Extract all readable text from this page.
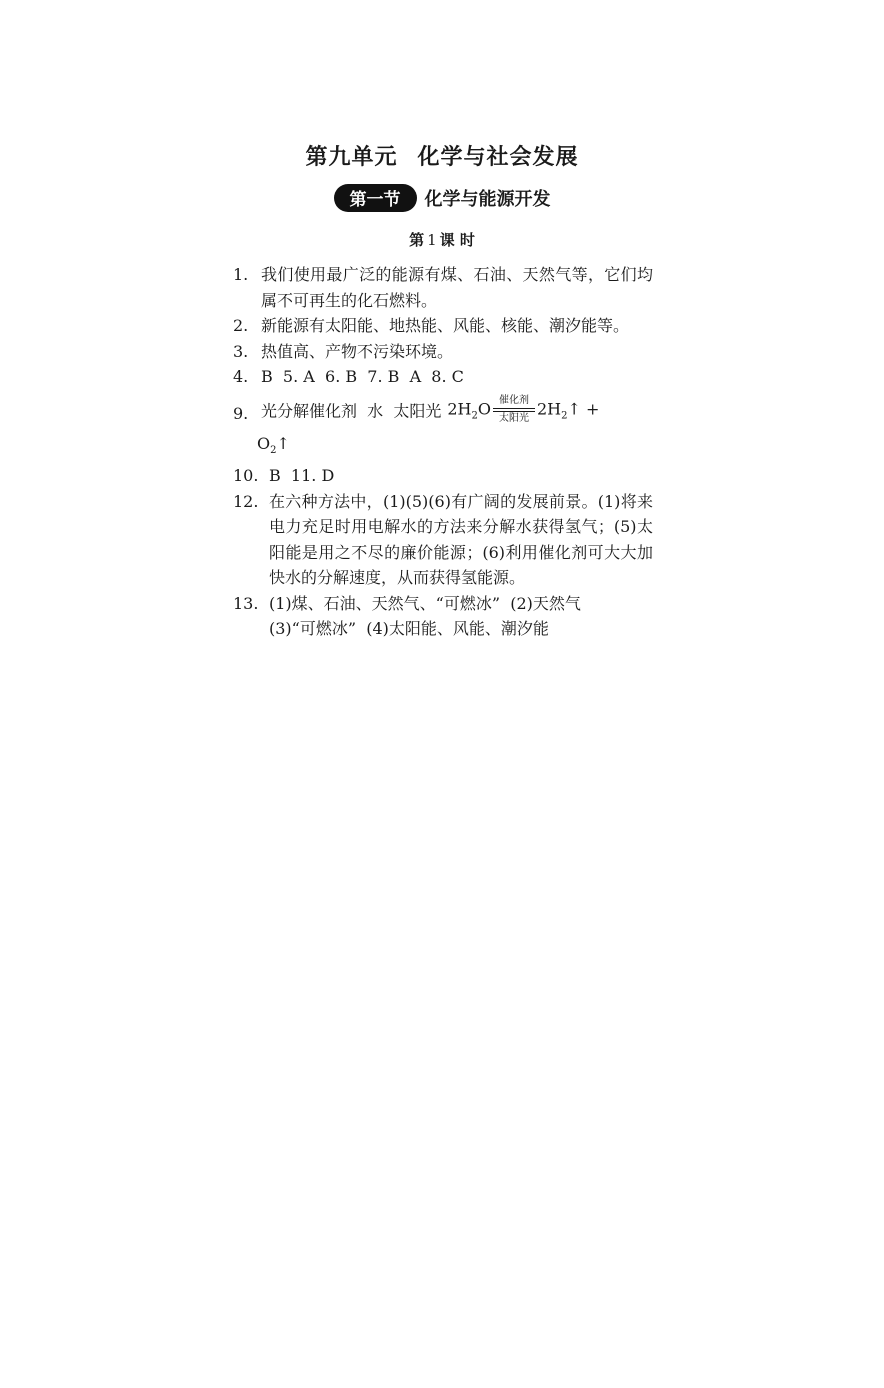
第九单元 化学与社会发展
第一节 化学与能源开发
第 1 课 时
1. 我们使用最广泛的能源有煤、石油、天然气等，它们均属不可再生的化石燃料。
2. 新能源有太阳能、地热能、风能、核能、潮汐能等。
3. 热值高、产物不污染环境。
4. B  5. A  6. B  7. B  A  8. C
9. 光分解催化剂  水  太阳光 $2H_2O$ 催化剂
太阳光 $2H_2↑$ +
$O_2↑$
10. B  11. D
12. 在六种方法中，(1)(5)(6)有广阔的发展前景。(1)将来电力充足时用电解水的方法来分解水获得氢气；(5)太阳能是用之不尽的廉价能源；(6)利用催化剂可大大加快水的分解速度，从而获得氢能源。
13. (1)煤、石油、天然气、“可燃冰”  (2)天然气
(3)“可燃冰”  (4)太阳能、风能、潮汐能
